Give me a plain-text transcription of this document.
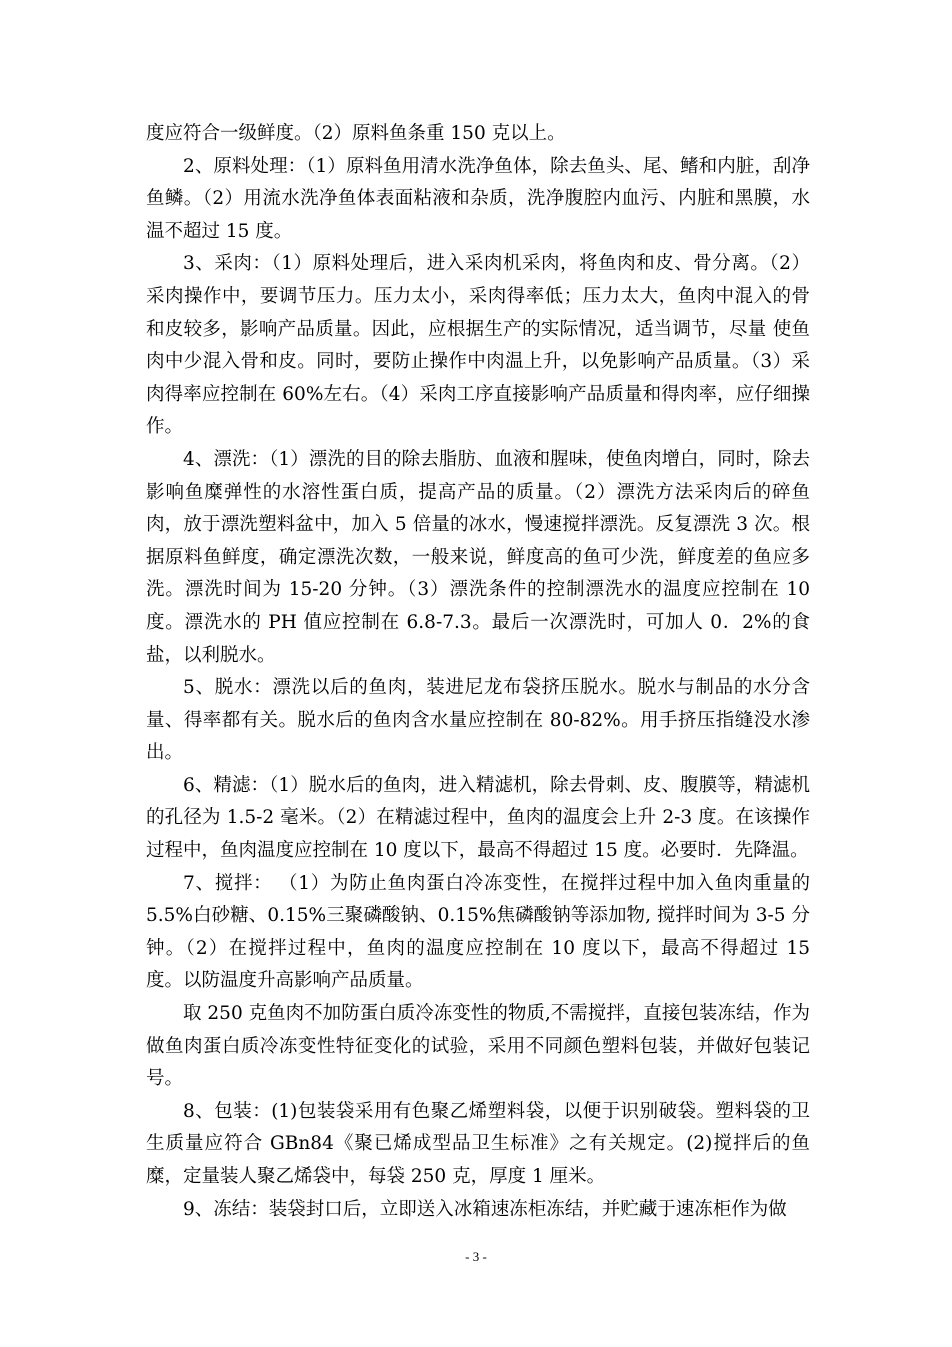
度应符合一级鲜度。（2）原料鱼条重 150 克以上。

2、原料处理：（1）原料鱼用清水洗净鱼体，除去鱼头、尾、鳍和内脏，刮净鱼鳞。（2）用流水洗净鱼体表面粘液和杂质，洗净腹腔内血污、内脏和黑膜，水温不超过 15 度。

3、采肉：（1）原料处理后，进入采肉机采肉，将鱼肉和皮、骨分离。（2）采肉操作中，要调节压力。压力太小，采肉得率低；压力太大，鱼肉中混入的骨和皮较多，影响产品质量。因此，应根据生产的实际情况，适当调节，尽量 使鱼肉中少混入骨和皮。同时，要防止操作中肉温上升，以免影响产品质量。（3）采肉得率应控制在 60%左右。（4）采肉工序直接影响产品质量和得肉率，应仔细操作。

4、漂洗：（1）漂洗的目的除去脂肪、血液和腥味，使鱼肉增白，同时，除去影响鱼糜弹性的水溶性蛋白质，提高产品的质量。（2）漂洗方法采肉后的碎鱼肉，放于漂洗塑料盆中，加入 5 倍量的冰水，慢速搅拌漂洗。反复漂洗 3 次。根据原料鱼鲜度，确定漂洗次数，一般来说，鲜度高的鱼可少洗，鲜度差的鱼应多洗。漂洗时间为 15-20 分钟。（3）漂洗条件的控制漂洗水的温度应控制在 10 度。漂洗水的 PH 值应控制在 6.8-7.3。最后一次漂洗时，可加人 0．2%的食盐，以利脱水。

5、脱水：漂洗以后的鱼肉，装进尼龙布袋挤压脱水。脱水与制品的水分含量、得率都有关。脱水后的鱼肉含水量应控制在 80-82%。用手挤压指缝没水渗出。

6、精滤：（1）脱水后的鱼肉，进入精滤机，除去骨刺、皮、腹膜等，精滤机的孔径为 1.5-2 毫米。（2）在精滤过程中，鱼肉的温度会上升 2-3 度。在该操作过程中，鱼肉温度应控制在 10 度以下，最高不得超过 15 度。必要时．先降温。

7、搅拌： （1）为防止鱼肉蛋白冷冻变性，在搅拌过程中加入鱼肉重量的 5.5%白砂糖、0.15%三聚磷酸钠、0.15%焦磷酸钠等添加物, 搅拌时间为 3-5 分钟。（2）在搅拌过程中，鱼肉的温度应控制在 10 度以下，最高不得超过 15 度。以防温度升高影响产品质量。

取 250 克鱼肉不加防蛋白质冷冻变性的物质,不需搅拌，直接包装冻结，作为做鱼肉蛋白质冷冻变性特征变化的试验，采用不同颜色塑料包装，并做好包装记号。

8、包装：(1)包装袋采用有色聚乙烯塑料袋，以便于识别破袋。塑料袋的卫生质量应符合 GBn84《聚已烯成型品卫生标准》之有关规定。(2)搅拌后的鱼糜，定量装人聚乙烯袋中，每袋 250 克，厚度 1 厘米。

9、冻结：装袋封口后，立即送入冰箱速冻柜冻结，并贮藏于速冻柜作为做

- 3 -
